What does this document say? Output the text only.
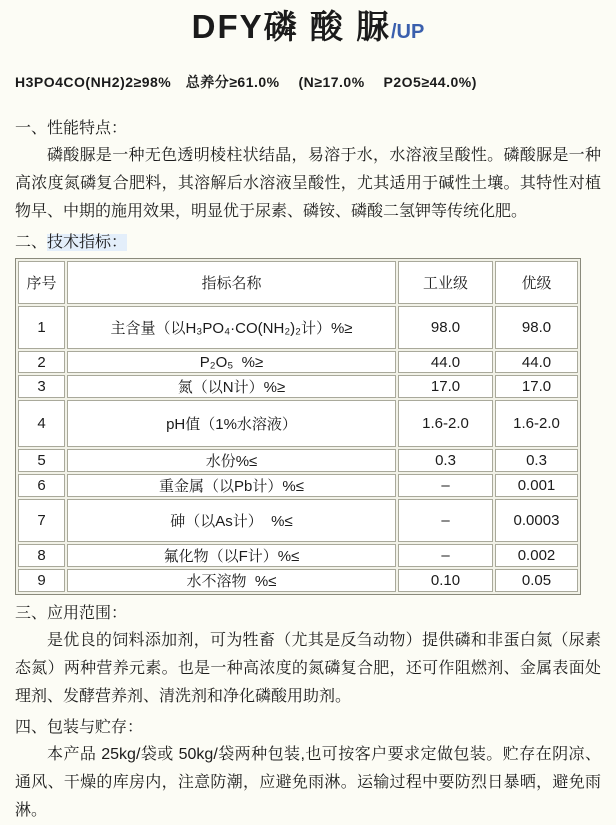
DFY磷 酸 脲/UP
H3PO4CO(NH2)2≥98%　总养分≥61.0%　 (N≥17.0%　 P2O5≥44.0%)
一、性能特点：
磷酸脲是一种无色透明棱柱状结晶，易溶于水，水溶液呈酸性。磷酸脲是一种高浓度氮磷复合肥料，其溶解后水溶液呈酸性，尤其适用于碱性土壤。其特性对植物早、中期的施用效果，明显优于尿素、磷铵、磷酸二氢钾等传统化肥。
二、技术指标：
序号	指标名称	工业级	优级
1	主含量（以H₃PO₄·CO(NH₂)₂计）%≥	98.0	98.0
2	P₂O₅  %≥	44.0	44.0
3	氮（以N计）%≥	17.0	17.0
4	pH值（1%水溶液）	1.6-2.0	1.6-2.0
5	水份%≤	0.3	0.3
6	重金属（以Pb计）%≤	–	0.001
7	砷（以As计）  %≤	–	0.0003
8	氟化物（以F计）%≤	–	0.002
9	水不溶物  %≤	0.10	0.05
三、应用范围：
是优良的饲料添加剂，可为牲畜（尤其是反刍动物）提供磷和非蛋白氮（尿素态氮）两种营养元素。也是一种高浓度的氮磷复合肥，还可作阻燃剂、金属表面处理剂、发酵营养剂、清洗剂和净化磷酸用助剂。
四、包装与贮存：
本产品 25kg/袋或 50kg/袋两种包装,也可按客户要求定做包装。贮存在阴凉、通风、干燥的库房内，注意防潮，应避免雨淋。运输过程中要防烈日暴晒，避免雨淋。
